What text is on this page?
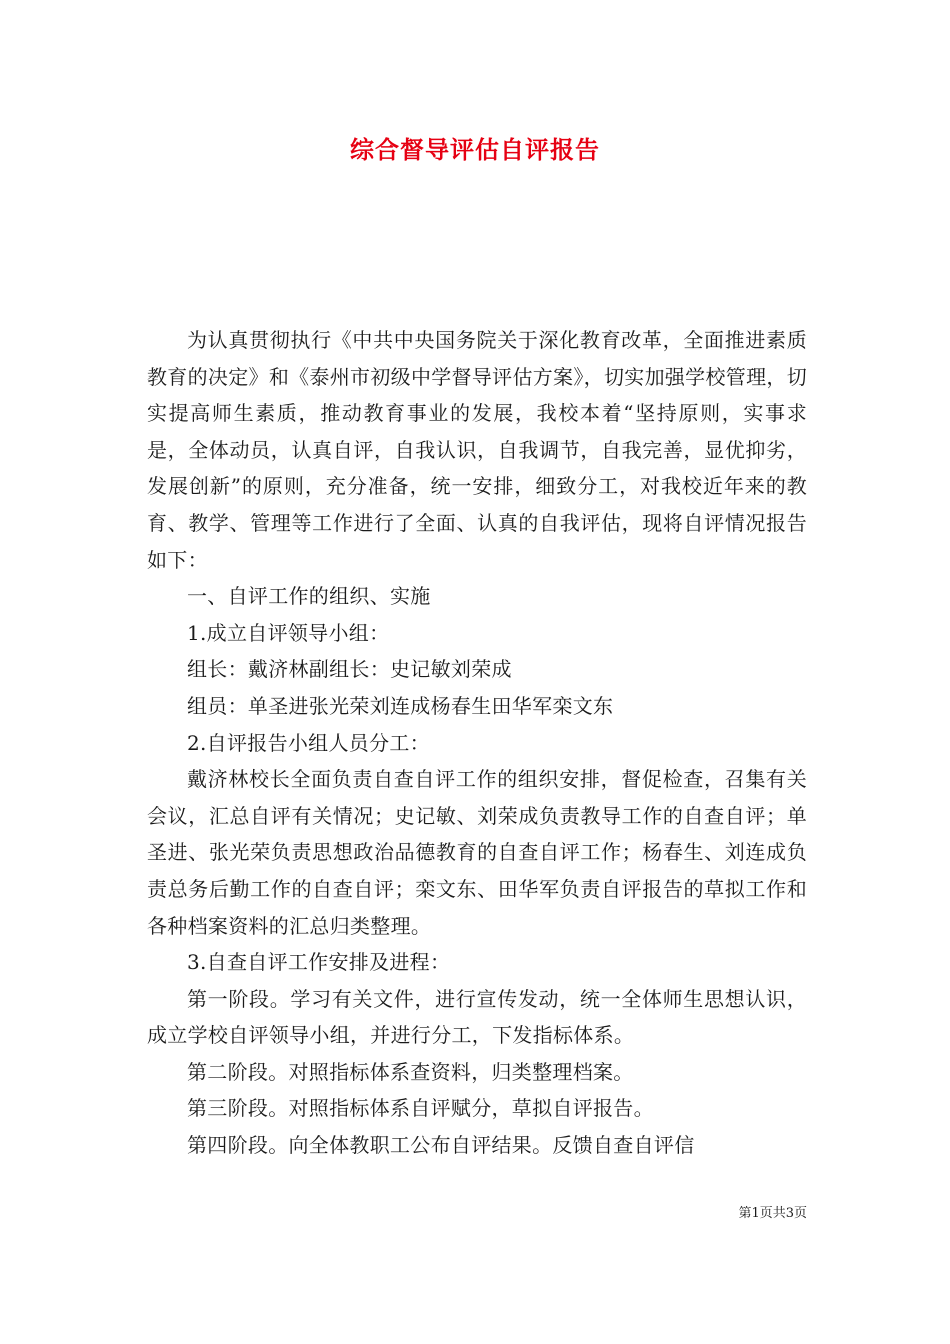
综合督导评估自评报告

为认真贯彻执行《中共中央国务院关于深化教育改革，全面推进素质教育的决定》和《泰州市初级中学督导评估方案》，切实加强学校管理，切实提高师生素质，推动教育事业的发展，我校本着“坚持原则，实事求是，全体动员，认真自评，自我认识，自我调节，自我完善，显优抑劣，发展创新”的原则，充分准备，统一安排，细致分工，对我校近年来的教育、教学、管理等工作进行了全面、认真的自我评估，现将自评情况报告如下：

一、自评工作的组织、实施

1.成立自评领导小组：

组长：戴济林副组长：史记敏刘荣成

组员：单圣进张光荣刘连成杨春生田华军栾文东

2.自评报告小组人员分工：

戴济林校长全面负责自查自评工作的组织安排，督促检查，召集有关会议，汇总自评有关情况；史记敏、刘荣成负责教导工作的自查自评；单圣进、张光荣负责思想政治品德教育的自查自评工作；杨春生、刘连成负责总务后勤工作的自查自评；栾文东、田华军负责自评报告的草拟工作和各种档案资料的汇总归类整理。

3.自查自评工作安排及进程：

第一阶段。学习有关文件，进行宣传发动，统一全体师生思想认识，成立学校自评领导小组，并进行分工，下发指标体系。

第二阶段。对照指标体系查资料，归类整理档案。

第三阶段。对照指标体系自评赋分，草拟自评报告。

第四阶段。向全体教职工公布自评结果。反馈自查自评信

第1页共3页
